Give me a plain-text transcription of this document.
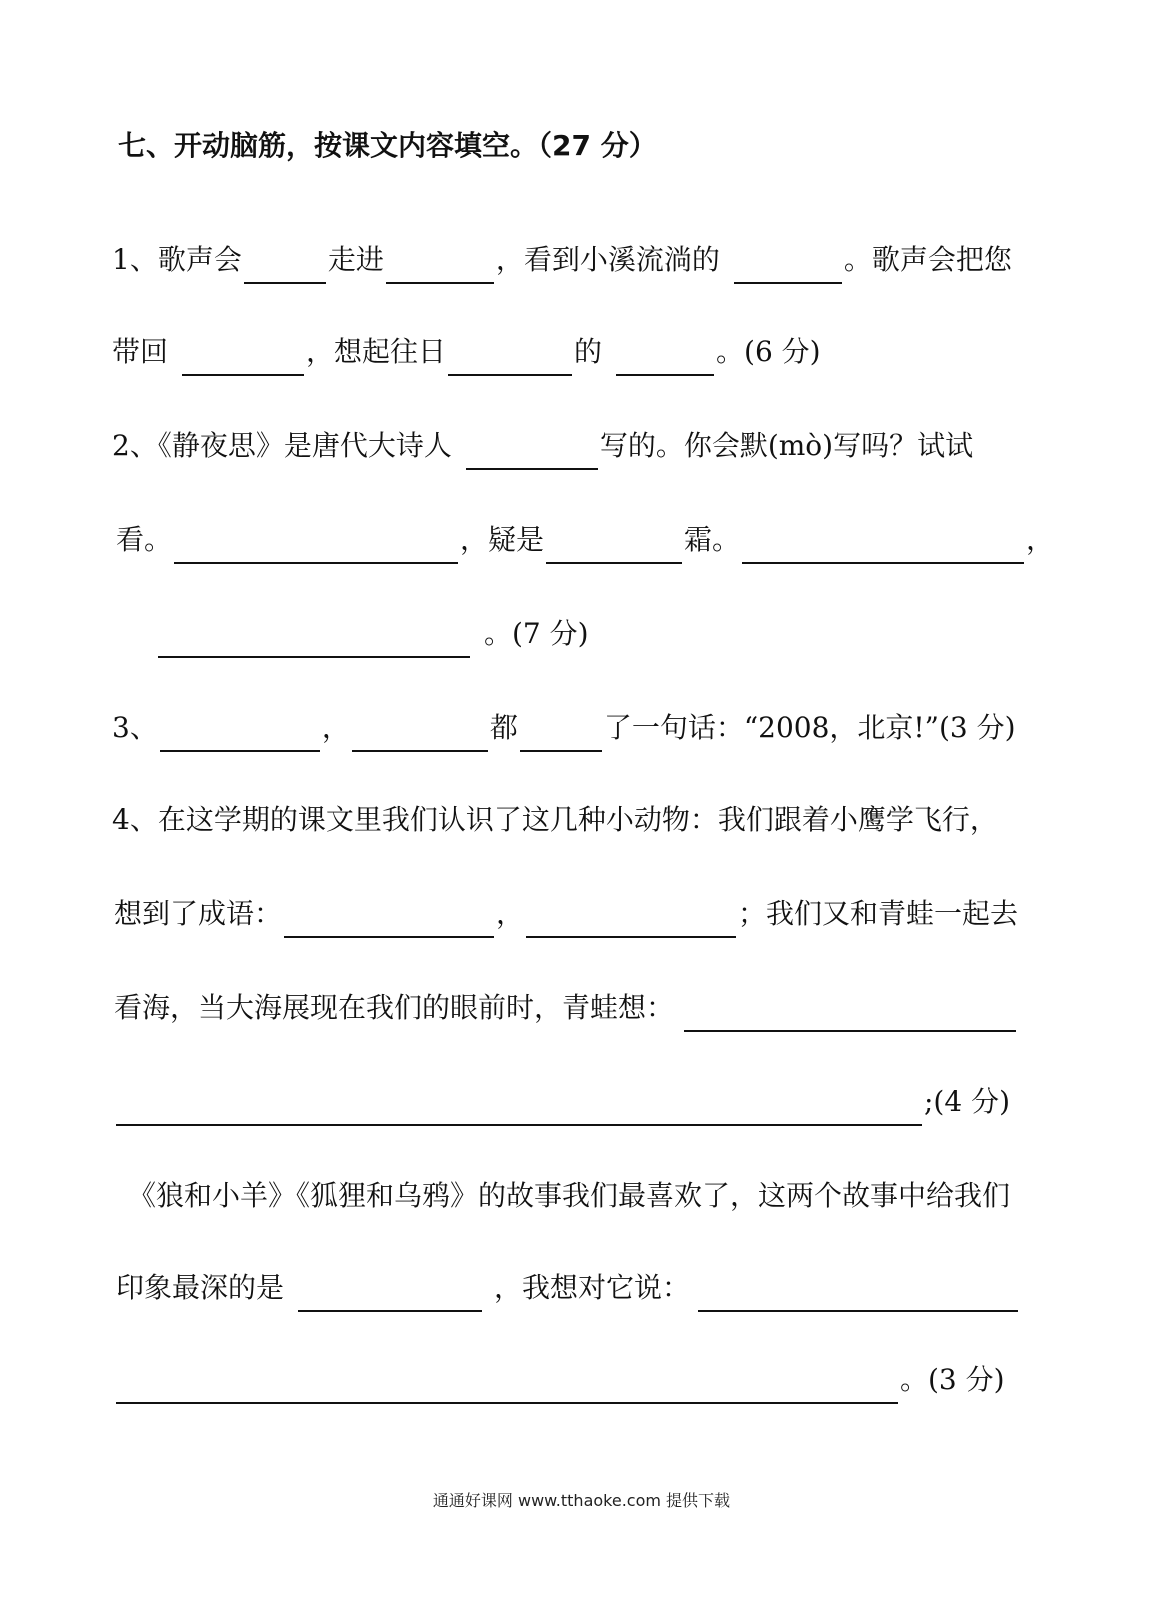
七、开动脑筋，按课文内容填空。（27 分）
1、歌声会	走进	，看到小溪流淌的	。歌声会把您
带回	，想起往日	的	。(6 分)
2、《静夜思》是唐代大诗人	写的。你会默(mò)写吗？试试
看。	，疑是	霜。	，
。(7 分)
3、	，	都	了一句话：“2008，北京!”(3 分)
4、在这学期的课文里我们认识了这几种小动物：我们跟着小鹰学飞行，
想到了成语：	，	；我们又和青蛙一起去
看海，当大海展现在我们的眼前时，青蛙想：
;(4 分)
《狼和小羊》《狐狸和乌鸦》的故事我们最喜欢了，这两个故事中给我们
印象最深的是	，我想对它说：
。(3 分)
通通好课网 www.tthaoke.com 提供下载
